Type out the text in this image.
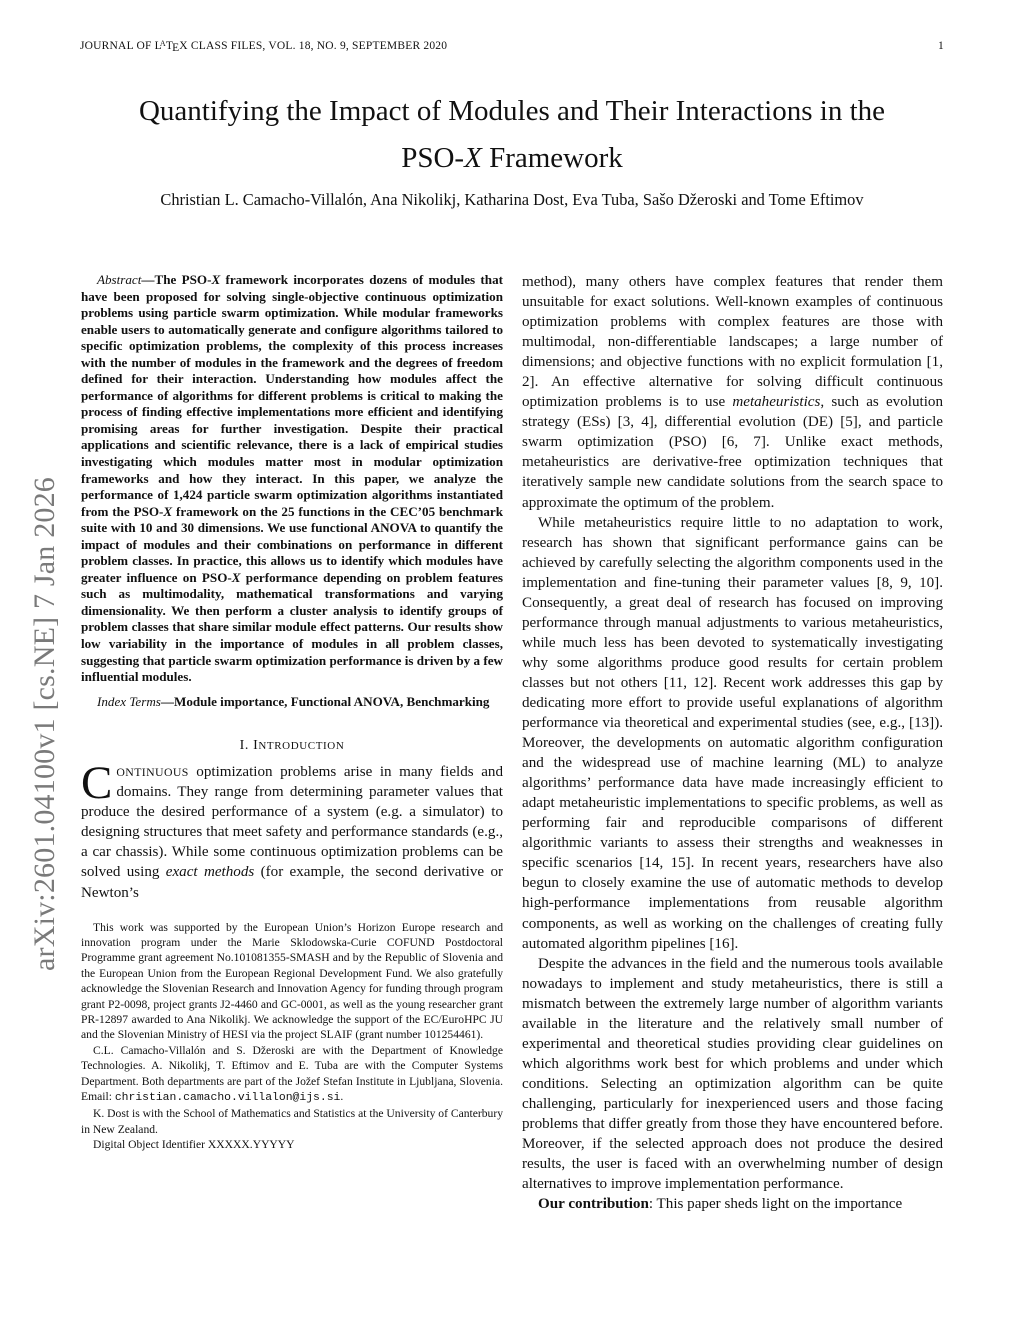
JOURNAL OF $L^ATEX$ CLASS FILES, VOL. 18, NO. 9, SEPTEMBER 2020	1
Quantifying the Impact of Modules and Their Interactions in the
PSO-X Framework
Christian L. Camacho-Villalón, Ana Nikolikj, Katharina Dost, Eva Tuba, Sašo Džeroski and Tome Eftimov
arXiv:2601.04100v1 [cs.NE] 7 Jan 2026

Abstract—The PSO-X framework incorporates dozens of modules that have been proposed for solving single-objective continuous optimization problems using particle swarm optimization. While modular frameworks enable users to automatically generate and configure algorithms tailored to specific optimization problems, the complexity of this process increases with the number of modules in the framework and the degrees of freedom defined for their interaction. Understanding how modules affect the performance of algorithms for different problems is critical to making the process of finding effective implementations more efficient and identifying promising areas for further investigation. Despite their practical applications and scientific relevance, there is a lack of empirical studies investigating which modules matter most in modular optimization frameworks and how they interact. In this paper, we analyze the performance of 1,424 particle swarm optimization algorithms instantiated from the PSO-X framework on the 25 functions in the CEC’05 benchmark suite with 10 and 30 dimensions. We use functional ANOVA to quantify the impact of modules and their combinations on performance in different problem classes. In practice, this allows us to identify which modules have greater influence on PSO-X performance depending on problem features such as multimodality, mathematical transformations and varying dimensionality. We then perform a cluster analysis to identify groups of problem classes that share similar module effect patterns. Our results show low variability in the importance of modules in all problem classes, suggesting that particle swarm optimization performance is driven by a few influential modules.

Index Terms—Module importance, Functional ANOVA, Benchmarking

I. INTRODUCTION

CONTINUOUS optimization problems arise in many fields and domains. They range from determining parameter values that produce the desired performance of a system (e.g. a simulator) to designing structures that meet safety and performance standards (e.g., a car chassis). While some continuous optimization problems can be solved using exact methods (for example, the second derivative or Newton’s

This work was supported by the European Union’s Horizon Europe research and innovation program under the Marie Sklodowska-Curie COFUND Postdoctoral Programme grant agreement No.101081355-SMASH and by the Republic of Slovenia and the European Union from the European Regional Development Fund. We also gratefully acknowledge the Slovenian Research and Innovation Agency for funding through program grant P2-0098, project grants J2-4460 and GC-0001, as well as the young researcher grant PR-12897 awarded to Ana Nikolikj. We acknowledge the support of the EC/EuroHPC JU and the Slovenian Ministry of HESI via the project SLAIF (grant number 101254461).

C.L. Camacho-Villalón and S. Džeroski are with the Department of Knowledge Technologies. A. Nikolikj, T. Eftimov and E. Tuba are with the Computer Systems Department. Both departments are part of the Jožef Stefan Institute in Ljubljana, Slovenia. Email: christian.camacho.villalon@ijs.si.

K. Dost is with the School of Mathematics and Statistics at the University of Canterbury in New Zealand.

Digital Object Identifier XXXXX.YYYYY

method), many others have complex features that render them unsuitable for exact solutions. Well-known examples of continuous optimization problems with complex features are those with multimodal, non-differentiable landscapes; a large number of dimensions; and objective functions with no explicit formulation [1, 2]. An effective alternative for solving difficult continuous optimization problems is to use metaheuristics, such as evolution strategy (ESs) [3, 4], differential evolution (DE) [5], and particle swarm optimization (PSO) [6, 7]. Unlike exact methods, metaheuristics are derivative-free optimization techniques that iteratively sample new candidate solutions from the search space to approximate the optimum of the problem.

While metaheuristics require little to no adaptation to work, research has shown that significant performance gains can be achieved by carefully selecting the algorithm components used in the implementation and fine-tuning their parameter values [8, 9, 10]. Consequently, a great deal of research has focused on improving performance through manual adjustments to various metaheuristics, while much less has been devoted to systematically investigating why some algorithms produce good results for certain problem classes but not others [11, 12]. Recent work addresses this gap by dedicating more effort to provide useful explanations of algorithm performance via theoretical and experimental studies (see, e.g., [13]). Moreover, the developments on automatic algorithm configuration and the widespread use of machine learning (ML) to analyze algorithms’ performance data have made increasingly efficient to adapt metaheuristic implementations to specific problems, as well as performing fair and reproducible comparisons of different algorithmic variants to assess their strengths and weaknesses in specific scenarios [14, 15]. In recent years, researchers have also begun to closely examine the use of automatic methods to develop high-performance implementations from reusable algorithm components, as well as working on the challenges of creating fully automated algorithm pipelines [16].

Despite the advances in the field and the numerous tools available nowadays to implement and study metaheuristics, there is still a mismatch between the extremely large number of algorithm variants available in the literature and the relatively small number of experimental and theoretical studies providing clear guidelines on which algorithms work best for which problems and under which conditions. Selecting an optimization algorithm can be quite challenging, particularly for inexperienced users and those facing problems that differ greatly from those they have encountered before. Moreover, if the selected approach does not produce the desired results, the user is faced with an overwhelming number of design alternatives to improve implementation performance.

Our contribution: This paper sheds light on the importance
